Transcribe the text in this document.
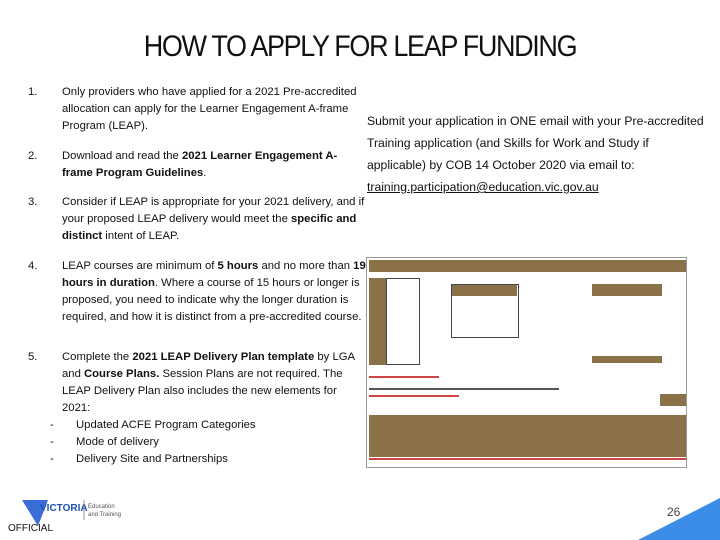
HOW TO APPLY FOR LEAP FUNDING
1. Only providers who have applied for a 2021 Pre-accredited allocation can apply for the Learner Engagement A-frame Program (LEAP).
2. Download and read the 2021 Learner Engagement A-frame Program Guidelines.
3. Consider if LEAP is appropriate for your 2021 delivery, and if your proposed LEAP delivery would meet the specific and distinct intent of LEAP.
4. LEAP courses are minimum of 5 hours and no more than 19 hours in duration. Where a course of 15 hours or longer is proposed, you need to indicate why the longer duration is required, and how it is distinct from a pre-accredited course.
5. Complete the 2021 LEAP Delivery Plan template by LGA and Course Plans. Session Plans are not required. The LEAP Delivery Plan also includes the new elements for 2021:
- Updated ACFE Program Categories
- Mode of delivery
- Delivery Site and Partnerships
Submit your application in ONE email with your Pre-accredited Training application (and Skills for Work and Study if applicable) by COB 14 October 2020 via email to:
training.participation@education.vic.gov.au
VICTORIA Education
and Training
OFFICIAL
26
